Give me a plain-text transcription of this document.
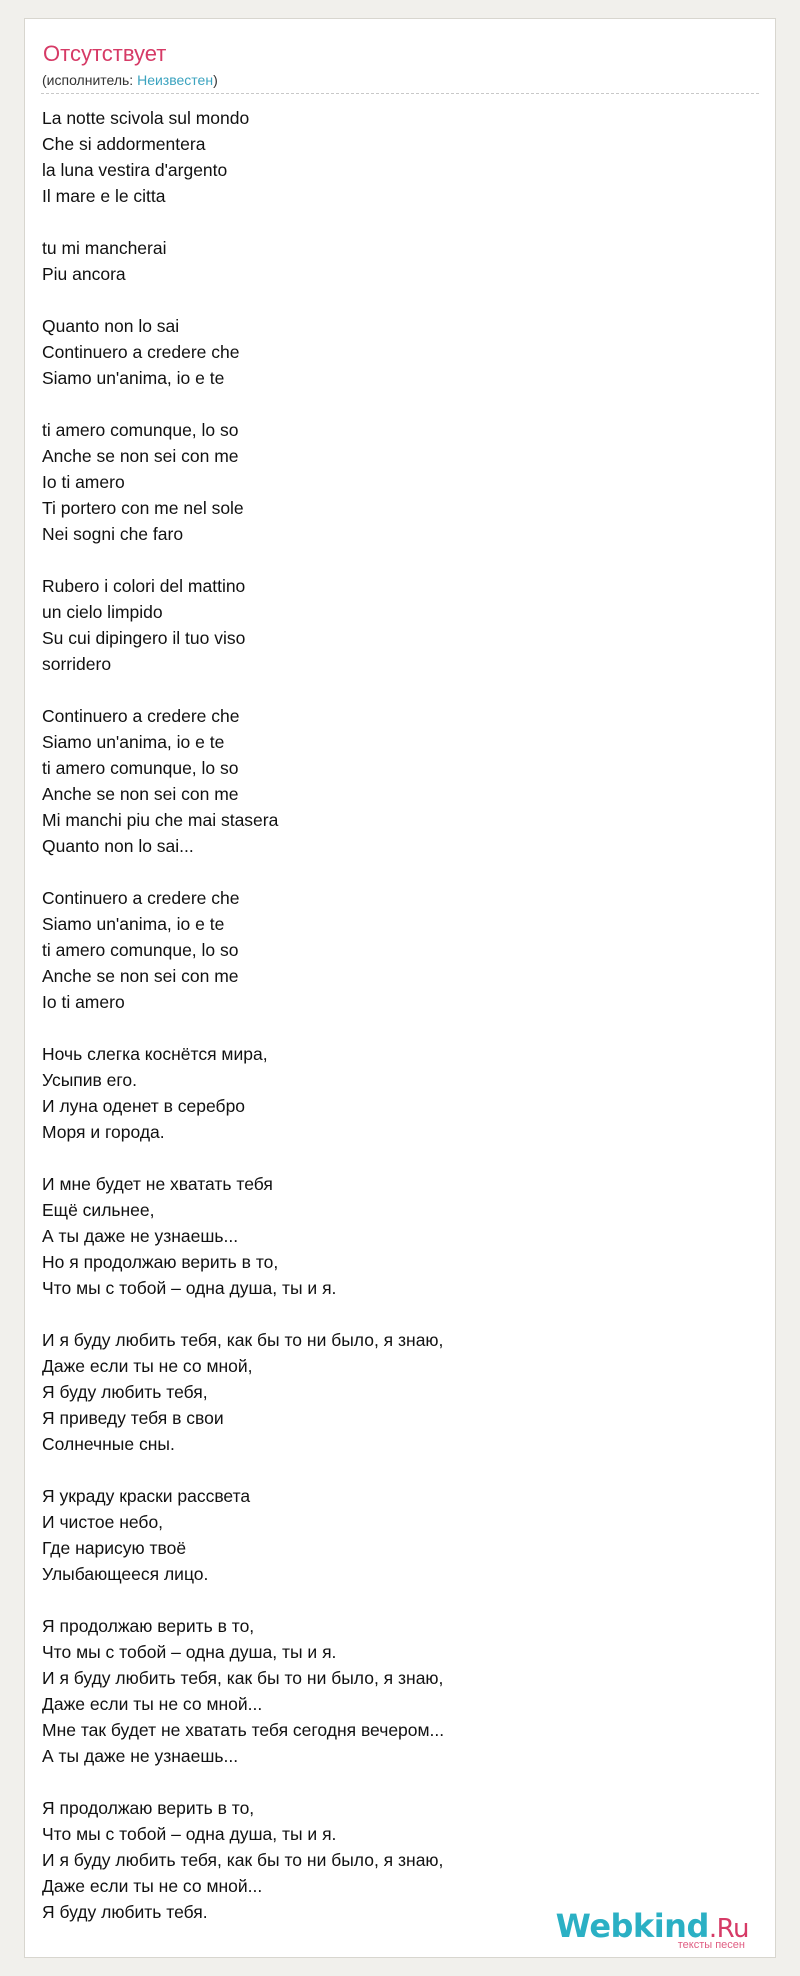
Отсутствует
(исполнитель: Неизвестен)
La notte scivola sul mondo
Che si addormentera
la luna vestira d'argento
Il mare e le citta

tu mi mancherai
Piu ancora

Quanto non lo sai
Continuero a credere che
Siamo un'anima, io e te

ti amero comunque, lo so
Anche se non sei con me
Io ti amero
Ti portero con me nel sole
Nei sogni che faro

Rubero i colori del mattino
un cielo limpido
Su cui dipingero il tuo viso
sorridero

Continuero a credere che
Siamo un'anima, io e te
ti amero comunque, lo so
Anche se non sei con me
Mi manchi piu che mai stasera
Quanto non lo sai...

Continuero a credere che
Siamo un'anima, io e te
ti amero comunque, lo so
Anche se non sei con me
Io ti amero

Ночь слегка коснётся мира,
Усыпив его.
И луна оденет в серебро
Моря и города.

И мне будет не хватать тебя
Ещё сильнее,
А ты даже не узнаешь...
Но я продолжаю верить в то,
Что мы с тобой – одна душа, ты и я.

И я буду любить тебя, как бы то ни было, я знаю,
Даже если ты не со мной,
Я буду любить тебя,
Я приведу тебя в свои
Солнечные сны.

Я украду краски рассвета
И чистое небо,
Где нарисую твоё
Улыбающееся лицо.

Я продолжаю верить в то,
Что мы с тобой – одна душа, ты и я.
И я буду любить тебя, как бы то ни было, я знаю,
Даже если ты не со мной...
Мне так будет не хватать тебя сегодня вечером...
А ты даже не узнаешь...

Я продолжаю верить в то,
Что мы с тобой – одна душа, ты и я.
И я буду любить тебя, как бы то ни было, я знаю,
Даже если ты не со мной...
Я буду любить тебя.	Webkind.Ru
тексты песен
